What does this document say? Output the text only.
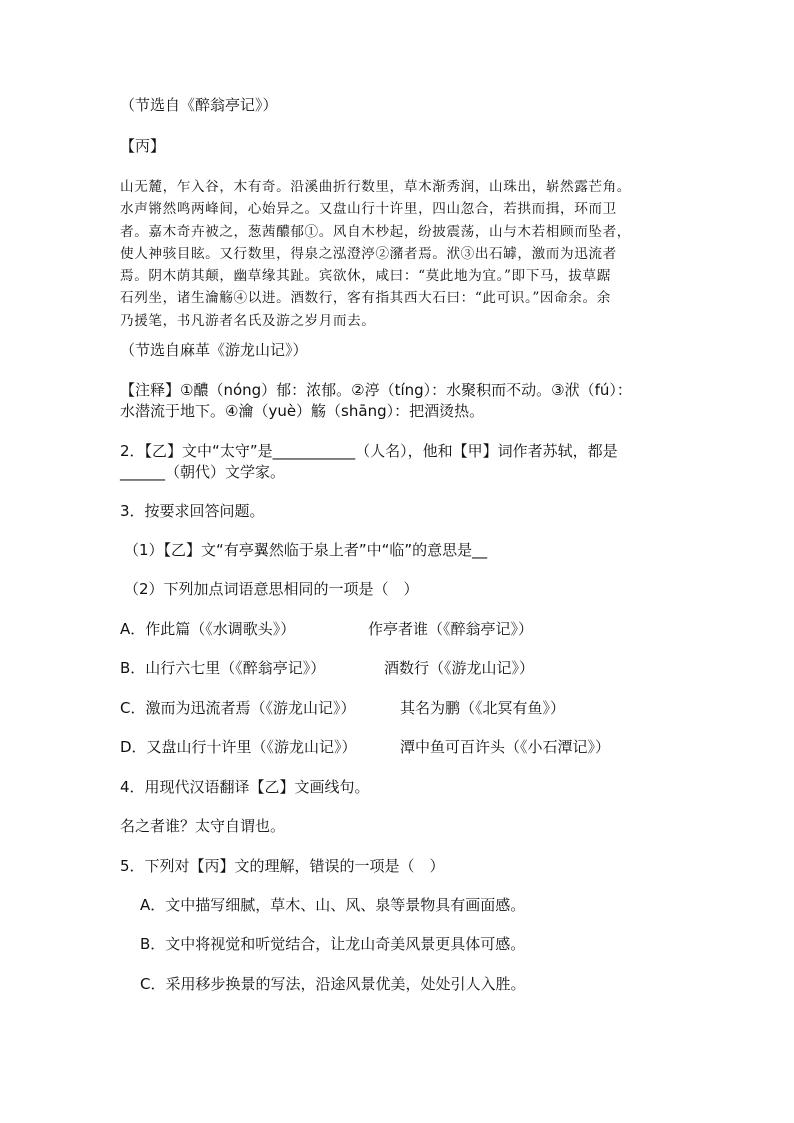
（节选自《醉翁亭记》）
【丙】
山无麓，乍入谷，木有奇。沿溪曲折行数里，草木渐秀润，山珠出，崭然露芒角。
水声锵然鸣两峰间，心始异之。又盘山行十许里，四山忽合，若拱而揖，环而卫
者。嘉木奇卉被之，葱茜醲郁①。风自木杪起，纷披震荡，山与木若相顾而坠者，
使人神骇目眩。又行数里，得泉之泓澄渟②瀦者焉。洑③出石罅，激而为迅流者
焉。阴木荫其颠，幽草缘其趾。宾欲休，咸曰：“莫此地为宜。”即下马，拔草踞
石列坐，诸生瀹觞④以进。酒数行，客有指其西大石曰：“此可识。”因命余。余
乃援笔，书凡游者名氏及游之岁月而去。
（节选自麻革《游龙山记》）
【注释】①醲（nóng）郁：浓郁。②渟（tíng）：水聚积而不动。③洑（fú）：
水潜流于地下。④瀹（yuè）觞（shāng）：把酒烫热。
2．【乙】文中“太守”是___________（人名），他和【甲】词作者苏轼，都是
______（朝代）文学家。
3．按要求回答问题。
（1）【乙】文“有亭翼然临于泉上者”中“临”的意思是__
（2）下列加点词语意思相同的一项是（　）
A．作此篇（《水调歌头》）	作亭者谁（《醉翁亭记》）
B．山行六七里（《醉翁亭记》）	酒数行（《游龙山记》）
C．激而为迅流者焉（《游龙山记》）	其名为鹏（《北冥有鱼》）
D．又盘山行十许里（《游龙山记》）	潭中鱼可百许头（《小石潭记》）
4．用现代汉语翻译【乙】文画线句。
名之者谁？太守自谓也。
5．下列对【丙】文的理解，错误的一项是（　）
A．文中描写细腻，草木、山、风、泉等景物具有画面感。
B．文中将视觉和听觉结合，让龙山奇美风景更具体可感。
C．采用移步换景的写法，沿途风景优美，处处引人入胜。
